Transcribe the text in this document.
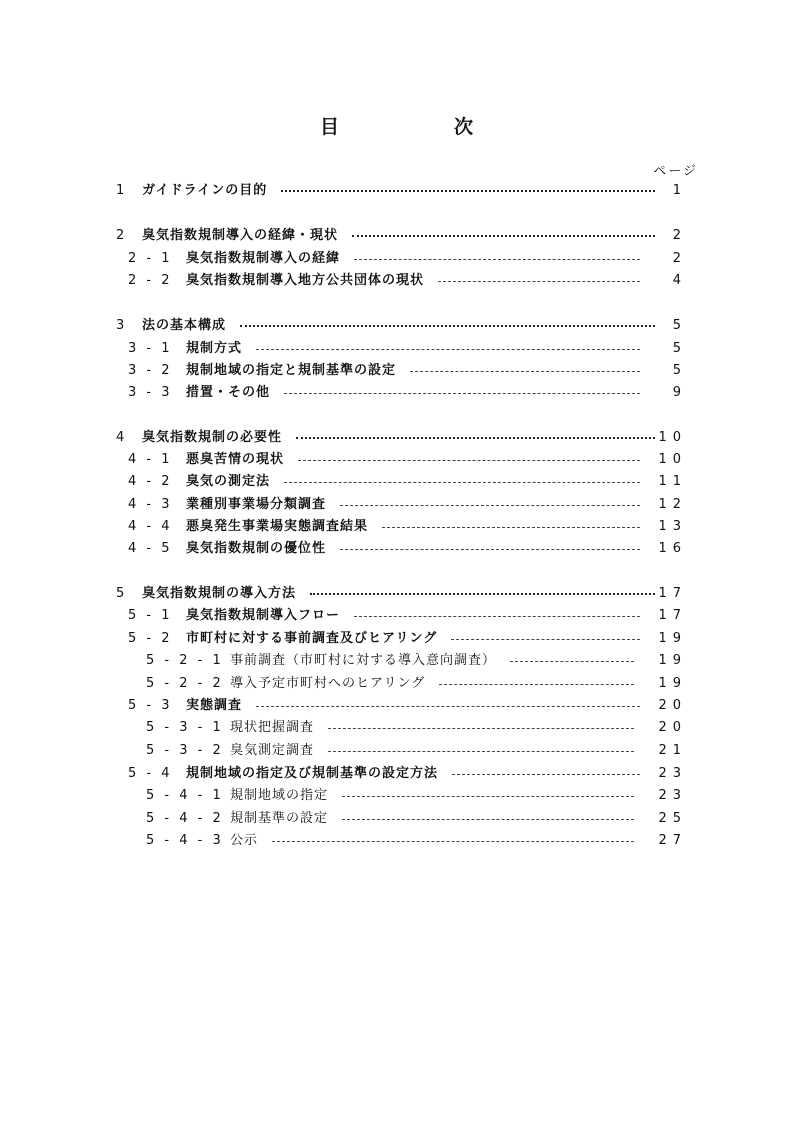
目　次
ページ
1 ガイドラインの目的	1
2 臭気指数規制導入の経緯・現状	2
2 - 1 臭気指数規制導入の経緯	2
2 - 2 臭気指数規制導入地方公共団体の現状	4
3 法の基本構成	5
3 - 1 規制方式	5
3 - 2 規制地域の指定と規制基準の設定	5
3 - 3 措置・その他	9
4 臭気指数規制の必要性	10
4 - 1 悪臭苦情の現状	10
4 - 2 臭気の測定法	11
4 - 3 業種別事業場分類調査	12
4 - 4 悪臭発生事業場実態調査結果	13
4 - 5 臭気指数規制の優位性	16
5 臭気指数規制の導入方法	17
5 - 1 臭気指数規制導入フロー	17
5 - 2 市町村に対する事前調査及びヒアリング	19
5 - 2 - 1 事前調査（市町村に対する導入意向調査）	19
5 - 2 - 2 導入予定市町村へのヒアリング	19
5 - 3 実態調査	20
5 - 3 - 1 現状把握調査	20
5 - 3 - 2 臭気測定調査	21
5 - 4 規制地域の指定及び規制基準の設定方法	23
5 - 4 - 1 規制地域の指定	23
5 - 4 - 2 規制基準の設定	25
5 - 4 - 3 公示	27
